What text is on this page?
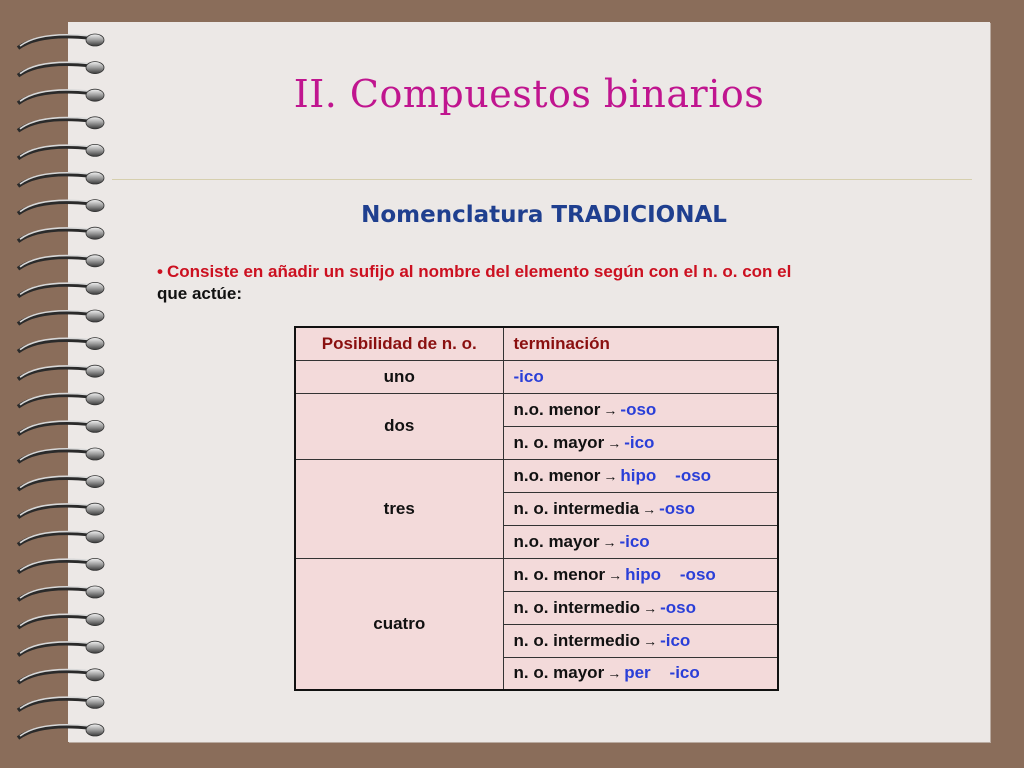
II. Compuestos binarios
Nomenclatura TRADICIONAL
• Consiste en añadir un sufijo al nombre del elemento según con el n. o. con el
que actúe:
Posibilidad de n. o.	terminación
uno	-ico
dos	n.o. menor → -oso
	n. o. mayor → -ico
tres	n.o. menor → hipo    -oso
	n. o. intermedia → -oso
	n.o. mayor → -ico
cuatro	n. o. menor → hipo    -oso
	n. o. intermedio → -oso
	n. o. intermedio → -ico
	n. o. mayor → per    -ico
